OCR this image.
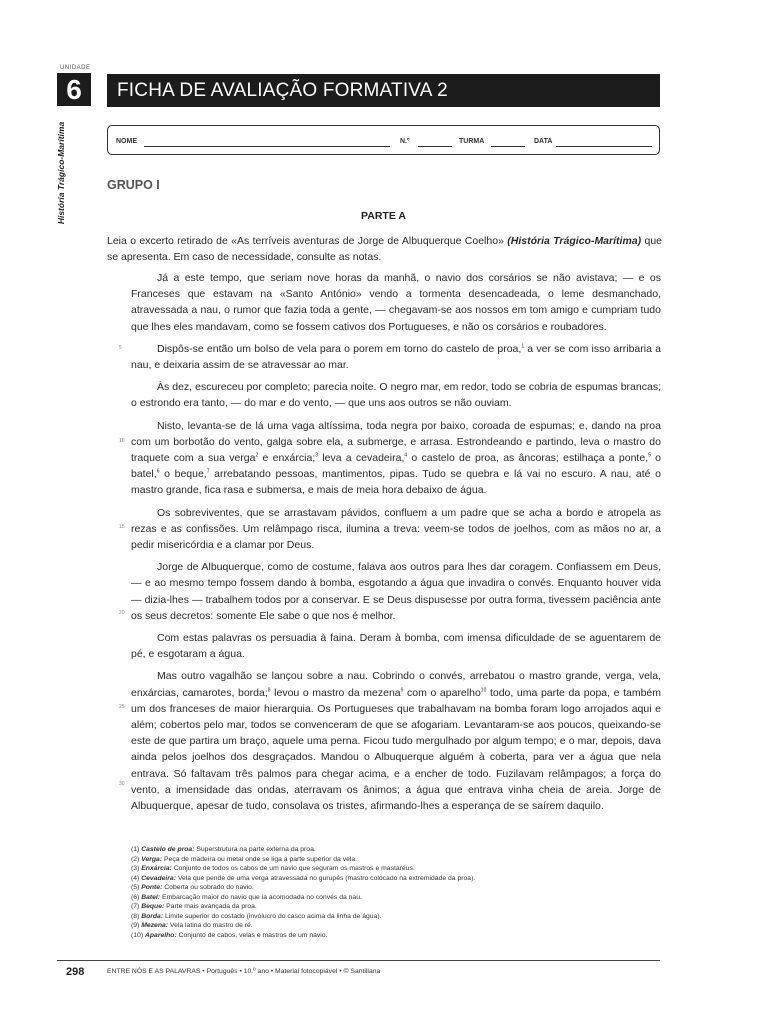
UNIDADE
6
História Trágico-Marítima
FICHA DE AVALIAÇÃO FORMATIVA 2
NOME	N.º	TURMA	DATA
GRUPO I
PARTE A
Leia o excerto retirado de «As terríveis aventuras de Jorge de Albuquerque Coelho» (História Trágico-Marítima) que se apresenta. Em caso de necessidade, consulte as notas.
5
10
15
20
25
30

Já a este tempo, que seriam nove horas da manhã, o navio dos corsários se não avistava; — e os Franceses que estavam na «Santo António» vendo a tormenta desencadeada, o leme desmanchado, atravessada a nau, o rumor que fazia toda a gente, — chegavam-se aos nossos em tom amigo e cumpriam tudo que lhes eles mandavam, como se fossem cativos dos Portugueses, e não os corsários e roubadores.

Dispôs-se então um bolso de vela para o porem em torno do castelo de proa,$^1$ a ver se com isso arribaria a nau, e deixaria assim de se atravessar ao mar.

Às dez, escureceu por completo; parecia noite. O negro mar, em redor, todo se cobria de espumas brancas; o estrondo era tanto, — do mar e do vento, — que uns aos outros se não ouviam.

Nisto, levanta-se de lá uma vaga altíssima, toda negra por baixo, coroada de espumas; e, dando na proa com um borbotão do vento, galga sobre ela, a submerge, e arrasa. Estrondeando e partindo, leva o mastro do traquete com a sua verga$^2$ e enxárcia;$^3$ leva a cevadeira,$^4$ o castelo de proa, as âncoras; estilhaça a ponte,$^5$ o batel,$^6$ o beque,$^7$ arrebatando pessoas, mantimentos, pipas. Tudo se quebra e lá vai no escuro. A nau, até o mastro grande, fica rasa e submersa, e mais de meia hora debaixo de água.

Os sobreviventes, que se arrastavam pávidos, confluem a um padre que se acha a bordo e atropela as rezas e as confissões. Um relâmpago risca, ilumina a treva: veem-se todos de joelhos, com as mãos no ar, a pedir misericórdia e a clamar por Deus.

Jorge de Albuquerque, como de costume, falava aos outros para lhes dar coragem. Confiassem em Deus, — e ao mesmo tempo fossem dando à bomba, esgotando a água que invadira o convés. Enquanto houver vida — dizia-lhes — trabalhem todos por a conservar. E se Deus dispusesse por outra forma, tivessem paciência ante os seus decretos: somente Ele sabe o que nos é melhor.

Com estas palavras os persuadia à faina. Deram à bomba, com imensa dificuldade de se aguentarem de pé, e esgotaram a água.

Mas outro vagalhão se lançou sobre a nau. Cobrindo o convés, arrebatou o mastro grande, verga, vela, enxárcias, camarotes, borda;$^8$ levou o mastro da mezena$^9$ com o aparelho$^{10}$ todo, uma parte da popa, e também um dos franceses de maior hierarquia. Os Portugueses que trabalhavam na bomba foram logo arrojados aqui e além; cobertos pelo mar, todos se convenceram de que se afogariam. Levantaram-se aos poucos, queixando-se este de que partira um braço, aquele uma perna. Ficou tudo mergulhado por algum tempo; e o mar, depois, dava ainda pelos joelhos dos desgraçados. Mandou o Albuquerque alguém à coberta, para ver a água que nela entrava. Só faltavam três palmos para chegar acima, e a encher de todo. Fuzilavam relâmpagos; a força do vento, a imensidade das ondas, aterravam os ânimos; a água que entrava vinha cheia de areia. Jorge de Albuquerque, apesar de tudo, consolava os tristes, afirmando-lhes a esperança de se saírem daquilo.

(1) Castelo de proa: Superstrutura na parte externa da proa.
(2) Verga: Peça de madeira ou metal onde se liga a parte superior da vela.
(3) Enxárcia: Conjunto de todos os cabos de um navio que seguram os mastros e mastaréus.
(4) Cevadeira: Vela que pende de uma verga atravessada no gurupés (mastro colocado na extremidade da proa).
(5) Ponte: Coberta ou sobrado do navio.
(6) Batel: Embarcação maior do navio que ia acomodada no convés da nau.
(7) Beque: Parte mais avançada da proa.
(8) Borda: Limite superior do costado (invólucro do casco acima da linha de água).
(9) Mezena: Vela latina do mastro de ré.
(10) Aparelho: Conjunto de cabos, velas e mastros de um navio.
298	ENTRE NÓS E AS PALAVRAS • Português • 10.º ano • Material fotocopiável • © Santillana
